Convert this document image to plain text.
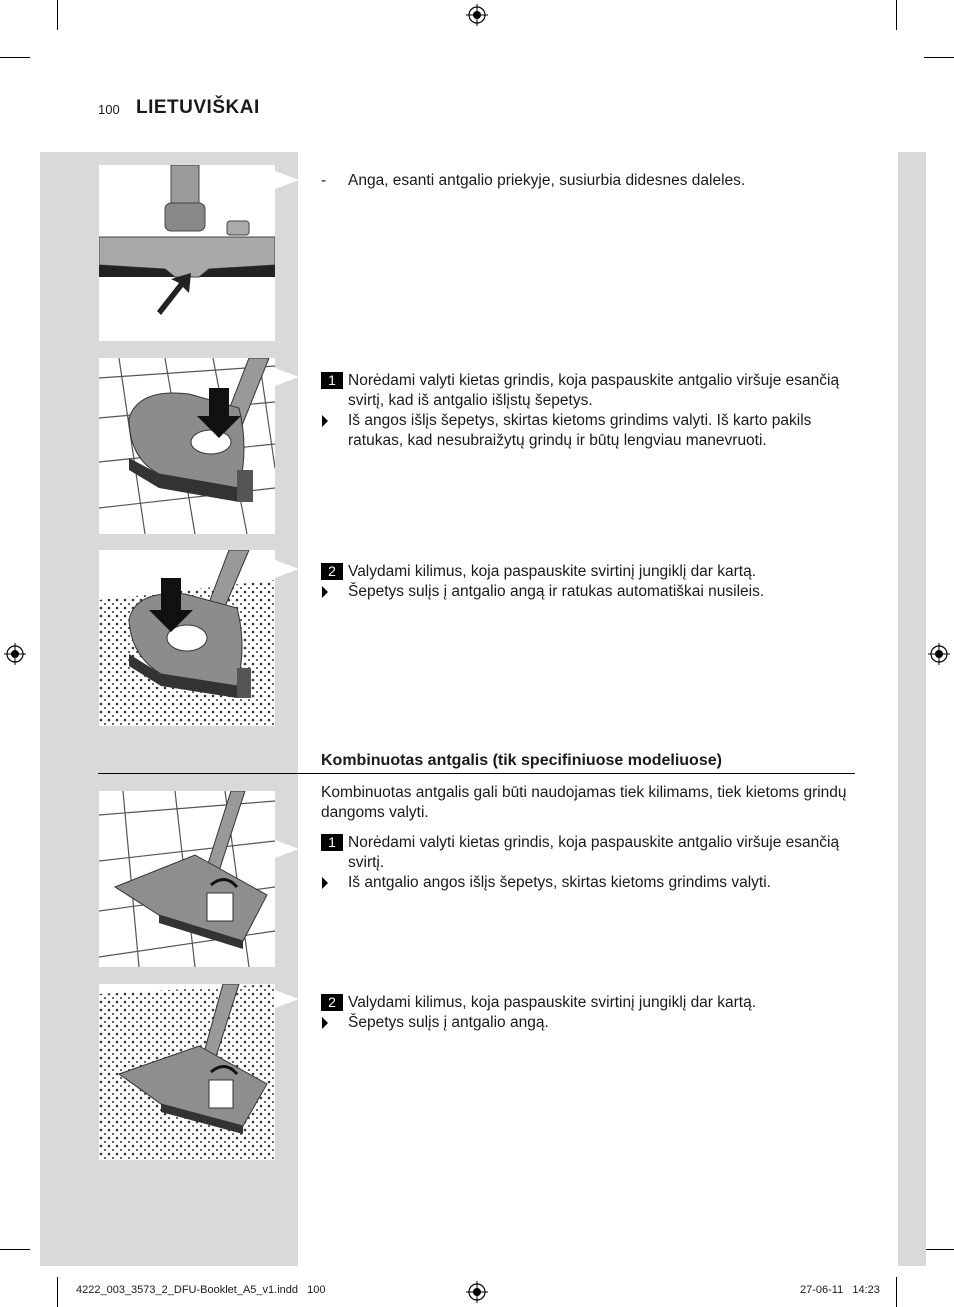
100 LIETUVIŠKAI
- Anga, esanti antgalio priekyje, susiurbia didesnes daleles.
1 Norėdami valyti kietas grindis, koja paspauskite antgalio viršuje esančią svirtį, kad iš antgalio išlįstų šepetys.
Iš angos išlįs šepetys, skirtas kietoms grindims valyti. Iš karto pakils ratukas, kad nesubraižytų grindų ir būtų lengviau manevruoti.
2 Valydami kilimus, koja paspauskite svirtinį jungiklį dar kartą.
Šepetys sulįs į antgalio angą ir ratukas automatiškai nusileis.
Kombinuotas antgalis (tik specifiniuose modeliuose)
Kombinuotas antgalis gali būti naudojamas tiek kilimams, tiek kietoms grindų dangoms valyti.
1 Norėdami valyti kietas grindis, koja paspauskite antgalio viršuje esančią svirtį.
Iš antgalio angos išlįs šepetys, skirtas kietoms grindims valyti.
2 Valydami kilimus, koja paspauskite svirtinį jungiklį dar kartą.
Šepetys sulįs į antgalio angą.
4222_003_3573_2_DFU-Booklet_A5_v1.indd   100	27-06-11   14:23
